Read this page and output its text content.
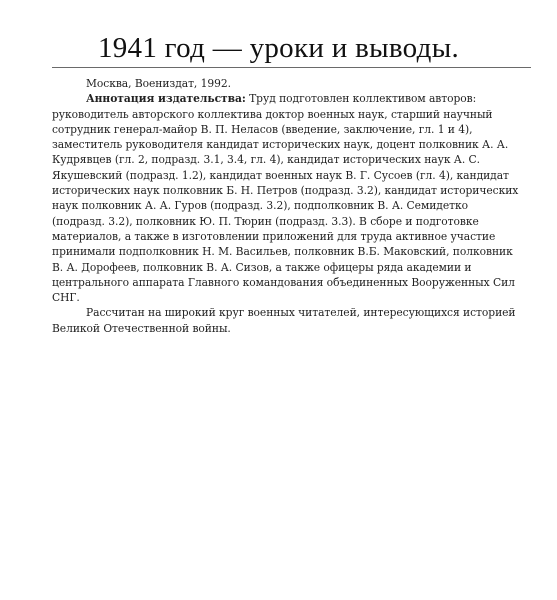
1941 год — уроки и выводы.

Москва, Воениздат, 1992.

Аннотация издательства: Труд подготовлен коллективом авторов: руководитель авторского коллектива доктор военных наук, старший научный сотрудник генерал-майор В. П. Неласов (введение, заключение, гл. 1 и 4), заместитель руководителя кандидат исторических наук, доцент полковник А. А. Кудрявцев (гл. 2, подразд. 3.1, 3.4, гл. 4), кандидат исторических наук А. С. Якушевский (подразд. 1.2), кандидат военных наук В. Г. Сусоев (гл. 4), кандидат исторических наук полковник Б. Н. Петров (подразд. 3.2), кандидат исторических наук полковник А. А. Гуров (подразд. 3.2), подполковник В. А. Семидетко (подразд. 3.2), полковник Ю. П. Тюрин (подразд. 3.3). В сборе и подготовке материалов, а также в изготовлении приложений для труда активное участие принимали подполковник Н. М. Васильев, полковник В.Б. Маковский, полковник В. А. Дорофеев, полковник В. А. Сизов, а также офицеры ряда академии и центрального аппарата Главного командования объединенных Вооруженных Сил СНГ.

Рассчитан на широкий круг военных читателей, интересующихся историей Великой Отечественной войны.
